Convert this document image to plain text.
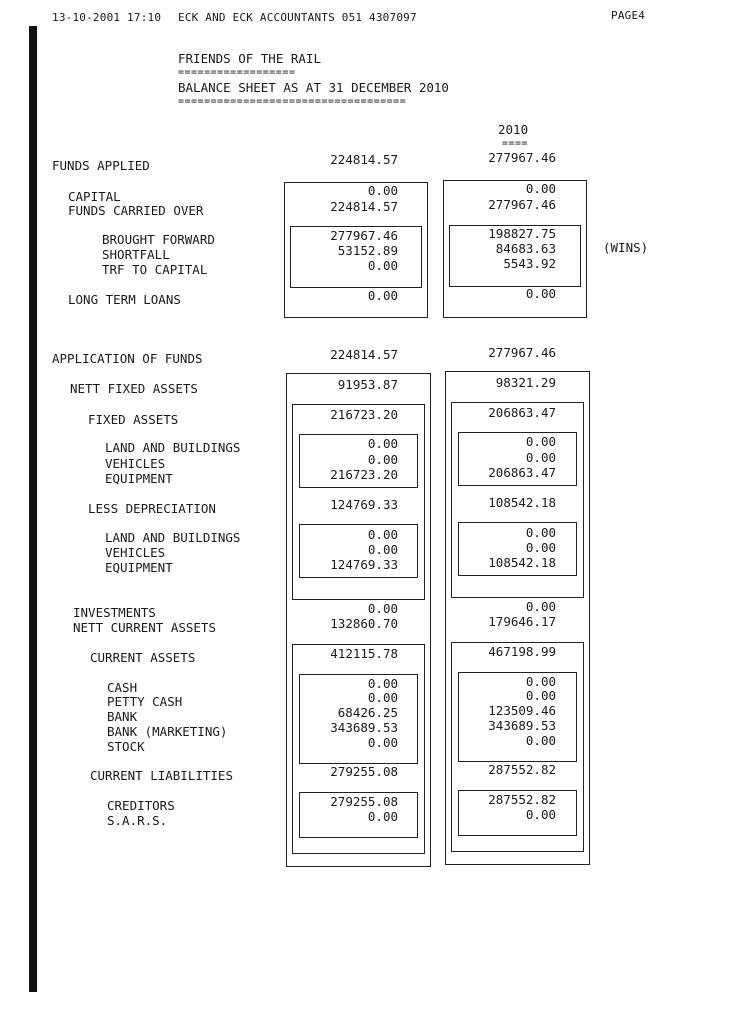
13-10-2001 17:10 ECK AND ECK ACCOUNTANTS 051 4307097	PAGE4
FRIENDS OF THE RAIL
==================
BALANCE SHEET AS AT 31 DECEMBER 2010
===================================
2010
====
FUNDS APPLIED	224814.57	277967.46
CAPITAL	0.00	0.00
FUNDS CARRIED OVER	224814.57	277967.46
BROUGHT FORWARD	277967.46	198827.75
SHORTFALL	53152.89	84683.63	(WINS)
TRF TO CAPITAL	0.00	5543.92
LONG TERM LOANS	0.00	0.00
APPLICATION OF FUNDS	224814.57	277967.46
NETT FIXED ASSETS	91953.87	98321.29
FIXED ASSETS	216723.20	206863.47
LAND AND BUILDINGS	0.00	0.00
VEHICLES	0.00	0.00
EQUIPMENT	216723.20	206863.47
LESS DEPRECIATION	124769.33	108542.18
LAND AND BUILDINGS	0.00	0.00
VEHICLES	0.00	0.00
EQUIPMENT	124769.33	108542.18
INVESTMENTS	0.00	0.00
NETT CURRENT ASSETS	132860.70	179646.17
CURRENT ASSETS	412115.78	467198.99
CASH	0.00	0.00
PETTY CASH	0.00	0.00
BANK	68426.25	123509.46
BANK (MARKETING)	343689.53	343689.53
STOCK	0.00	0.00
CURRENT LIABILITIES	279255.08	287552.82
CREDITORS	279255.08	287552.82
S.A.R.S.	0.00	0.00
